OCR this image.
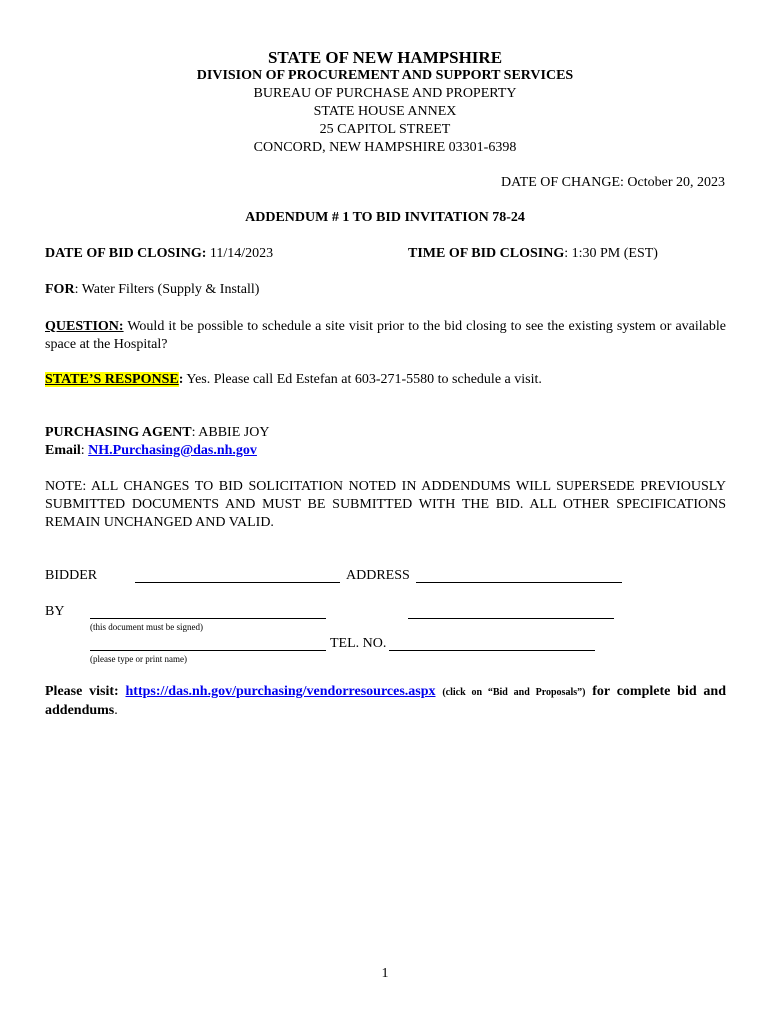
STATE OF NEW HAMPSHIRE
DIVISION OF PROCUREMENT AND SUPPORT SERVICES
BUREAU OF PURCHASE AND PROPERTY
STATE HOUSE ANNEX
25 CAPITOL STREET
CONCORD, NEW HAMPSHIRE 03301-6398
DATE OF CHANGE: October 20, 2023
ADDENDUM # 1 TO BID INVITATION 78-24
DATE OF BID CLOSING: 11/14/2023	TIME OF BID CLOSING: 1:30 PM (EST)
FOR: Water Filters (Supply & Install)
QUESTION: Would it be possible to schedule a site visit prior to the bid closing to see the existing system or available space at the Hospital?
STATE’S RESPONSE: Yes. Please call Ed Estefan at 603-271-5580 to schedule a visit.
PURCHASING AGENT: ABBIE JOY
Email: NH.Purchasing@das.nh.gov
NOTE: ALL CHANGES TO BID SOLICITATION NOTED IN ADDENDUMS WILL SUPERSEDE PREVIOUSLY SUBMITTED DOCUMENTS AND MUST BE SUBMITTED WITH THE BID. ALL OTHER SPECIFICATIONS REMAIN UNCHANGED AND VALID.
BIDDER	ADDRESS
BY
(this document must be signed)
TEL. NO.
(please type or print name)
Please visit: https://das.nh.gov/purchasing/vendorresources.aspx (click on “Bid and Proposals”) for complete bid and addendums.
1
